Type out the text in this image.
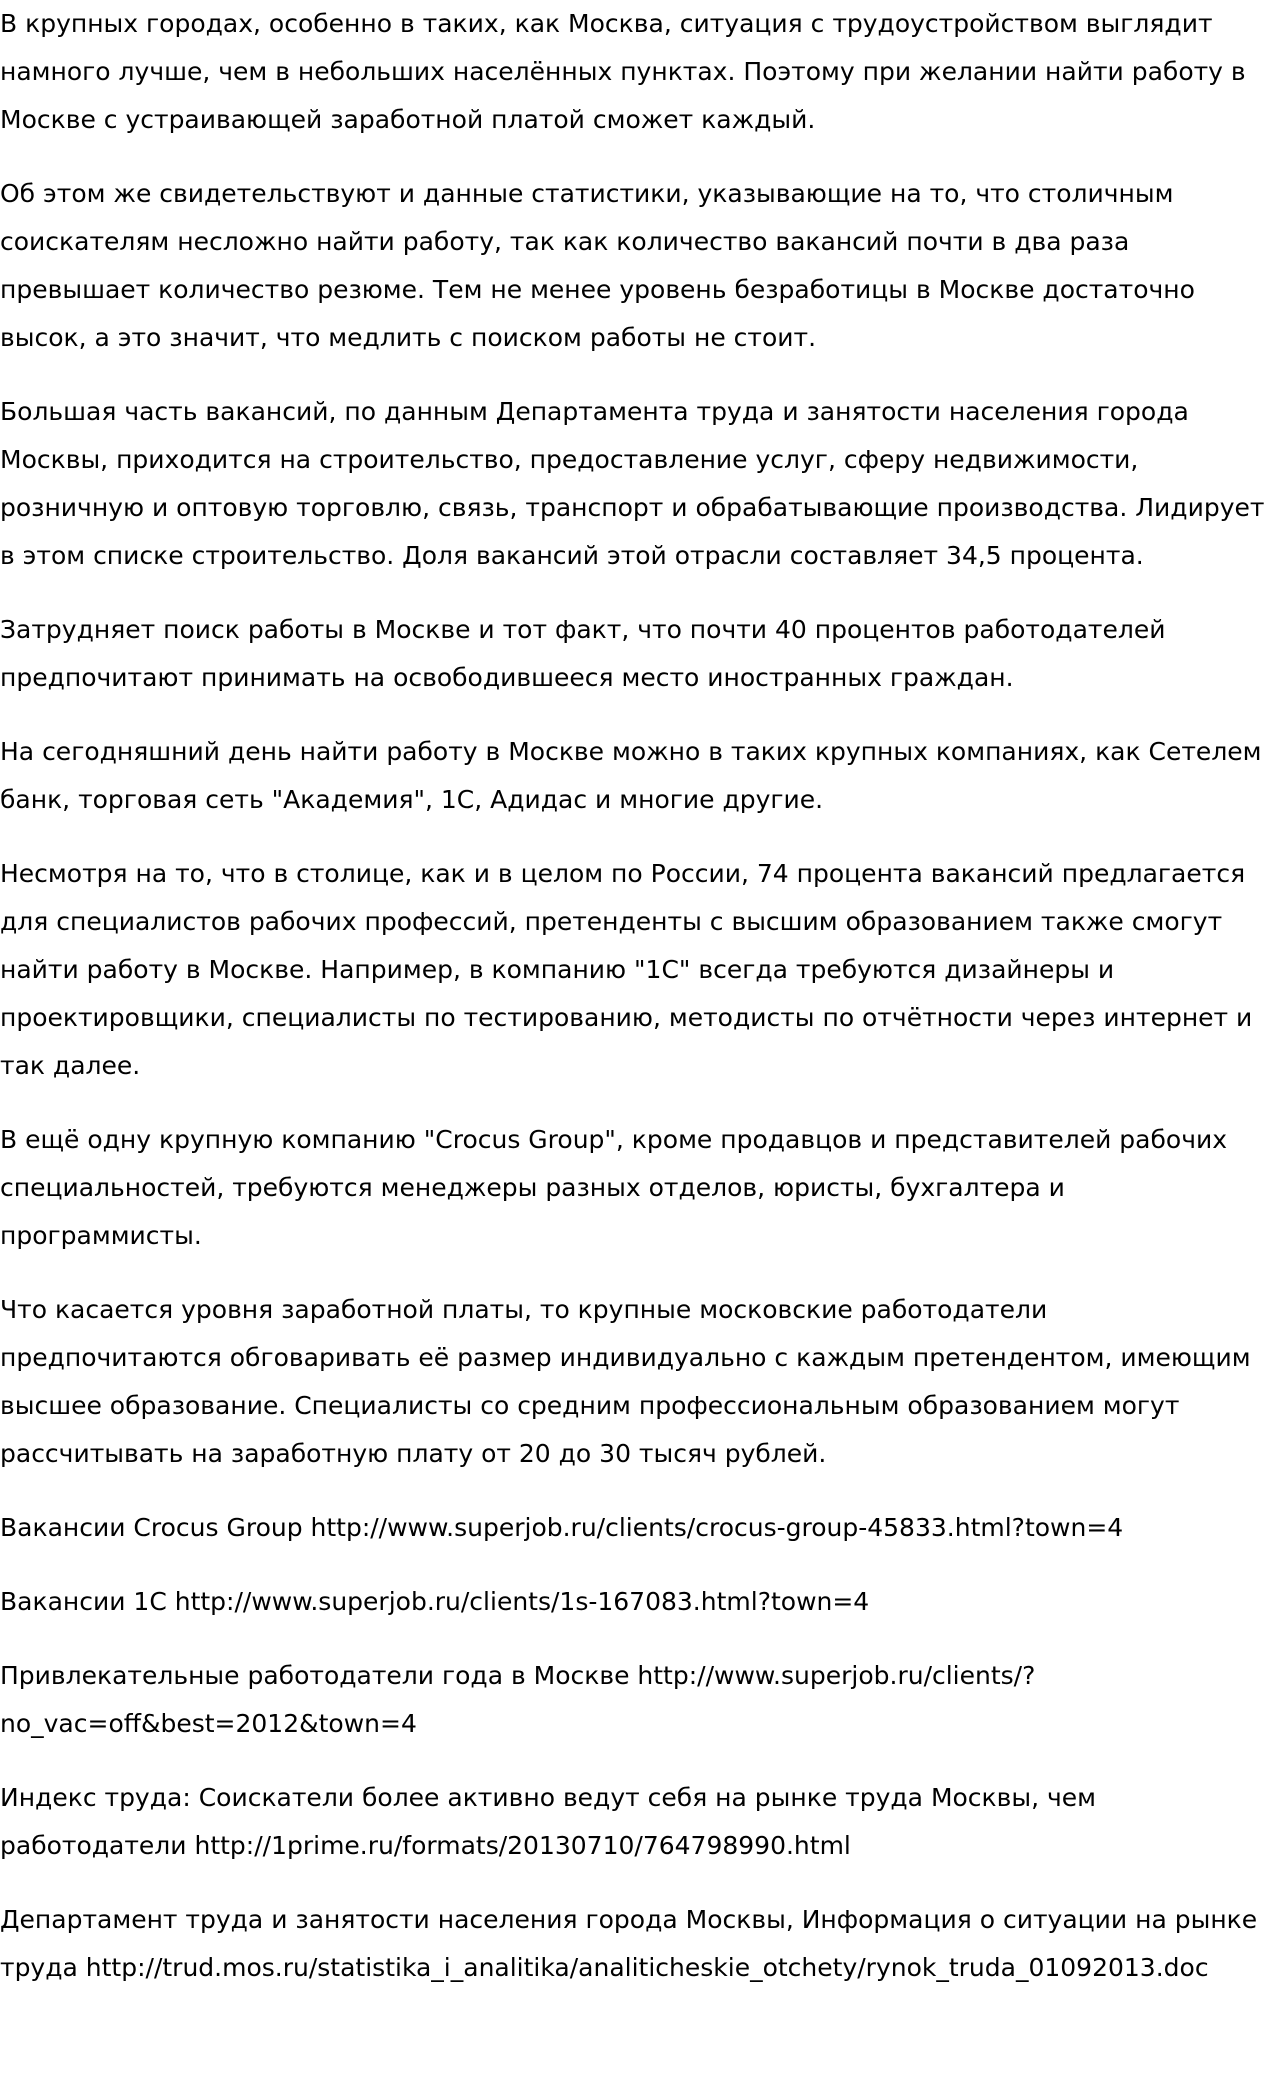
В крупных городах, особенно в таких, как Москва, ситуация с трудоустройством выглядит намного лучше, чем в небольших населённых пунктах. Поэтому при желании найти работу в Москве с устраивающей заработной платой сможет каждый.

Об этом же свидетельствуют и данные статистики, указывающие на то, что столичным соискателям несложно найти работу, так как количество вакансий почти в два раза превышает количество резюме. Тем не менее уровень безработицы в Москве достаточно высок, а это значит, что медлить с поиском работы не стоит.

Большая часть вакансий, по данным Департамента труда и занятости населения города Москвы, приходится на строительство, предоставление услуг, сферу недвижимости, розничную и оптовую торговлю, связь, транспорт и обрабатывающие производства. Лидирует в этом списке строительство. Доля вакансий этой отрасли составляет 34,5 процента.

Затрудняет поиск работы в Москве и тот факт, что почти 40 процентов работодателей предпочитают принимать на освободившееся место иностранных граждан.

На сегодняшний день найти работу в Москве можно в таких крупных компаниях, как Сетелем банк, торговая сеть "Академия", 1С, Адидас и многие другие.

Несмотря на то, что в столице, как и в целом по России, 74 процента вакансий предлагается для специалистов рабочих профессий, претенденты с высшим образованием также смогут найти работу в Москве. Например, в компанию "1С" всегда требуются дизайнеры и проектировщики, специалисты по тестированию, методисты по отчётности через интернет и так далее.

В ещё одну крупную компанию "Crocus Group", кроме продавцов и представителей рабочих специальностей, требуются менеджеры разных отделов, юристы, бухгалтера и программисты.

Что касается уровня заработной платы, то крупные московские работодатели предпочитаются обговаривать её размер индивидуально с каждым претендентом, имеющим высшее образование. Специалисты со средним профессиональным образованием могут рассчитывать на заработную плату от 20 до 30 тысяч рублей.

Вакансии Crocus Group http://www.superjob.ru/clients/crocus-group-45833.html?town=4

Вакансии 1С http://www.superjob.ru/clients/1s-167083.html?town=4

Привлекательные работодатели года в Москве http://www.superjob.ru/clients/?no_vac=off&best=2012&town=4

Индекс труда: Соискатели более активно ведут себя на рынке труда Москвы, чем работодатели http://1prime.ru/formats/20130710/764798990.html

Департамент труда и занятости населения города Москвы, Информация о ситуации на рынке труда http://trud.mos.ru/statistika_i_analitika/analiticheskie_otchety/rynok_truda_01092013.doc
